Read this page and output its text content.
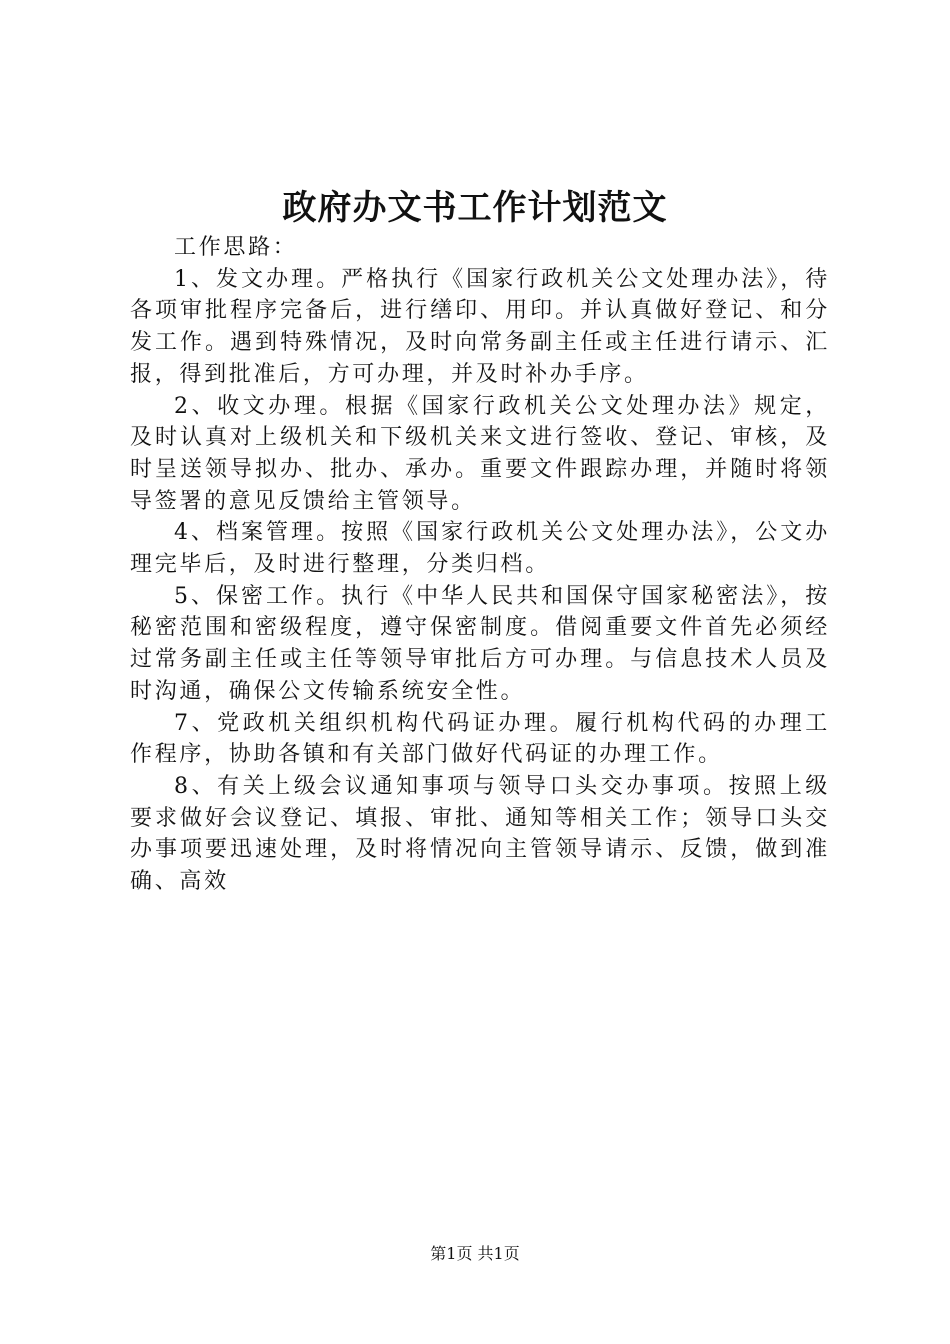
政府办文书工作计划范文

工作思路：

1、发文办理。严格执行《国家行政机关公文处理办法》，待各项审批程序完备后，进行缮印、用印。并认真做好登记、和分发工作。遇到特殊情况，及时向常务副主任或主任进行请示、汇报，得到批准后，方可办理，并及时补办手序。

2、收文办理。根据《国家行政机关公文处理办法》规定，及时认真对上级机关和下级机关来文进行签收、登记、审核，及时呈送领导拟办、批办、承办。重要文件跟踪办理，并随时将领导签署的意见反馈给主管领导。

4、档案管理。按照《国家行政机关公文处理办法》，公文办理完毕后，及时进行整理，分类归档。

5、保密工作。执行《中华人民共和国保守国家秘密法》，按秘密范围和密级程度，遵守保密制度。借阅重要文件首先必须经过常务副主任或主任等领导审批后方可办理。与信息技术人员及时沟通，确保公文传输系统安全性。

7、党政机关组织机构代码证办理。履行机构代码的办理工作程序，协助各镇和有关部门做好代码证的办理工作。

8、有关上级会议通知事项与领导口头交办事项。按照上级要求做好会议登记、填报、审批、通知等相关工作；领导口头交办事项要迅速处理，及时将情况向主管领导请示、反馈，做到准确、高效

第1页 共1页
